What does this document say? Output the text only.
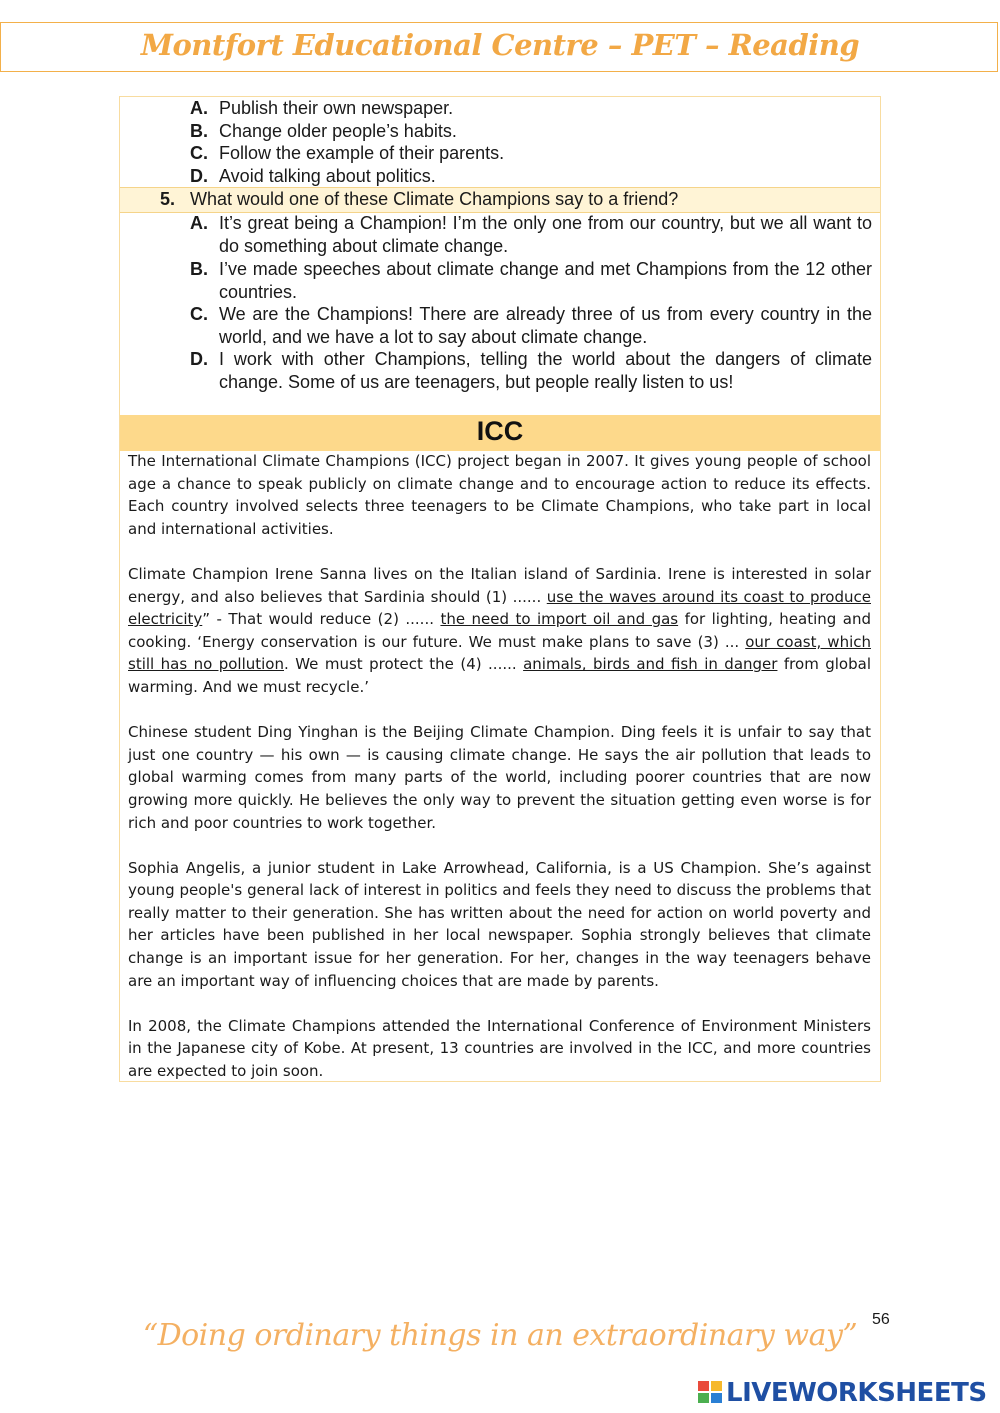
Montfort Educational Centre – PET – Reading
A. Publish their own newspaper.
B. Change older people’s habits.
C. Follow the example of their parents.
D. Avoid talking about politics.
5. What would one of these Climate Champions say to a friend?
A. It’s great being a Champion! I’m the only one from our country, but we all want to do something about climate change.
B. I’ve made speeches about climate change and met Champions from the 12 other countries.
C. We are the Champions! There are already three of us from every country in the world, and we have a lot to say about climate change.
D. I work with other Champions, telling the world about the dangers of climate change. Some of us are teenagers, but people really listen to us!
ICC

The International Climate Champions (ICC) project began in 2007. It gives young people of school age a chance to speak publicly on climate change and to encourage action to reduce its effects. Each country involved selects three teenagers to be Climate Champions, who take part in local and international activities.

Climate Champion Irene Sanna lives on the Italian island of Sardinia. Irene is interested in solar energy, and also believes that Sardinia should (1) ...... use the waves around its coast to produce electricity” - That would reduce (2) ...... the need to import oil and gas for lighting, heating and cooking. ‘Energy conservation is our future. We must make plans to save (3) ... our coast, which still has no pollution. We must protect the (4) ...... animals, birds and fish in danger from global warming. And we must recycle.’

Chinese student Ding Yinghan is the Beijing Climate Champion. Ding feels it is unfair to say that just one country — his own — is causing climate change. He says the air pollution that leads to global warming comes from many parts of the world, including poorer countries that are now growing more quickly. He believes the only way to prevent the situation getting even worse is for rich and poor countries to work together.

Sophia Angelis, a junior student in Lake Arrowhead, California, is a US Champion. She’s against young people's general lack of interest in politics and feels they need to discuss the problems that really matter to their generation. She has written about the need for action on world poverty and her articles have been published in her local newspaper. Sophia strongly believes that climate change is an important issue for her generation. For her, changes in the way teenagers behave are an important way of influencing choices that are made by parents.

In 2008, the Climate Champions attended the International Conference of Environment Ministers in the Japanese city of Kobe. At present, 13 countries are involved in the ICC, and more countries are expected to join soon.

56
“Doing ordinary things in an extraordinary way”
LIVEWORKSHEETS
